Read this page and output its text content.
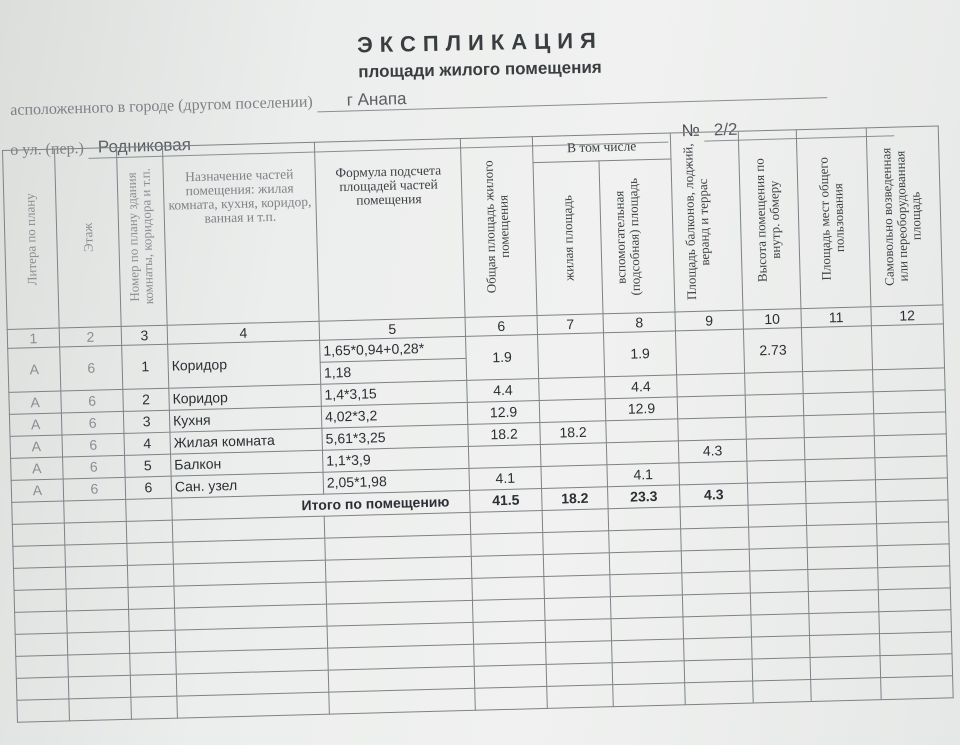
ЭКСПЛИКАЦИЯ
площади жилого помещения
асположенного в городе (другом поселении) г Анапа
о ул. (пер.) Родниковая № 2/2
Литера по плану	Этаж	Номер по плану здания комнаты, коридора и т.п.	Назначение частей помещения: жилая комната, кухня, коридор, ванная и т.п.	Формула подсчета площадей частей помещения	Общая площадь жилого помещения	В том числе		Площадь балконов, лоджий, веранд и террас	Высота помещения по внутр. обмеру	Площадь мест общего пользования	Самовольно возведенная или переоборудованная площадь

						жилая площадь	вспомогательная (подсобная) площадь				

1	2	3	4	5	6	7	8	9	10	11	12
А	6	1	Коридор	1,65*0,94+0,28*	1.9		1.9		2.73		
				1,18							
А	6	2	Коридор	1,4*3,15	4.4		4.4				
А	6	3	Кухня	4,02*3,2	12.9		12.9				
А	6	4	Жилая комната	5,61*3,25	18.2	18.2					
А	6	5	Балкон	1,1*3,9				4.3			
А	6	6	Сан. узел	2,05*1,98	4.1		4.1				
			Итого по помещению		41.5	18.2	23.3	4.3			
